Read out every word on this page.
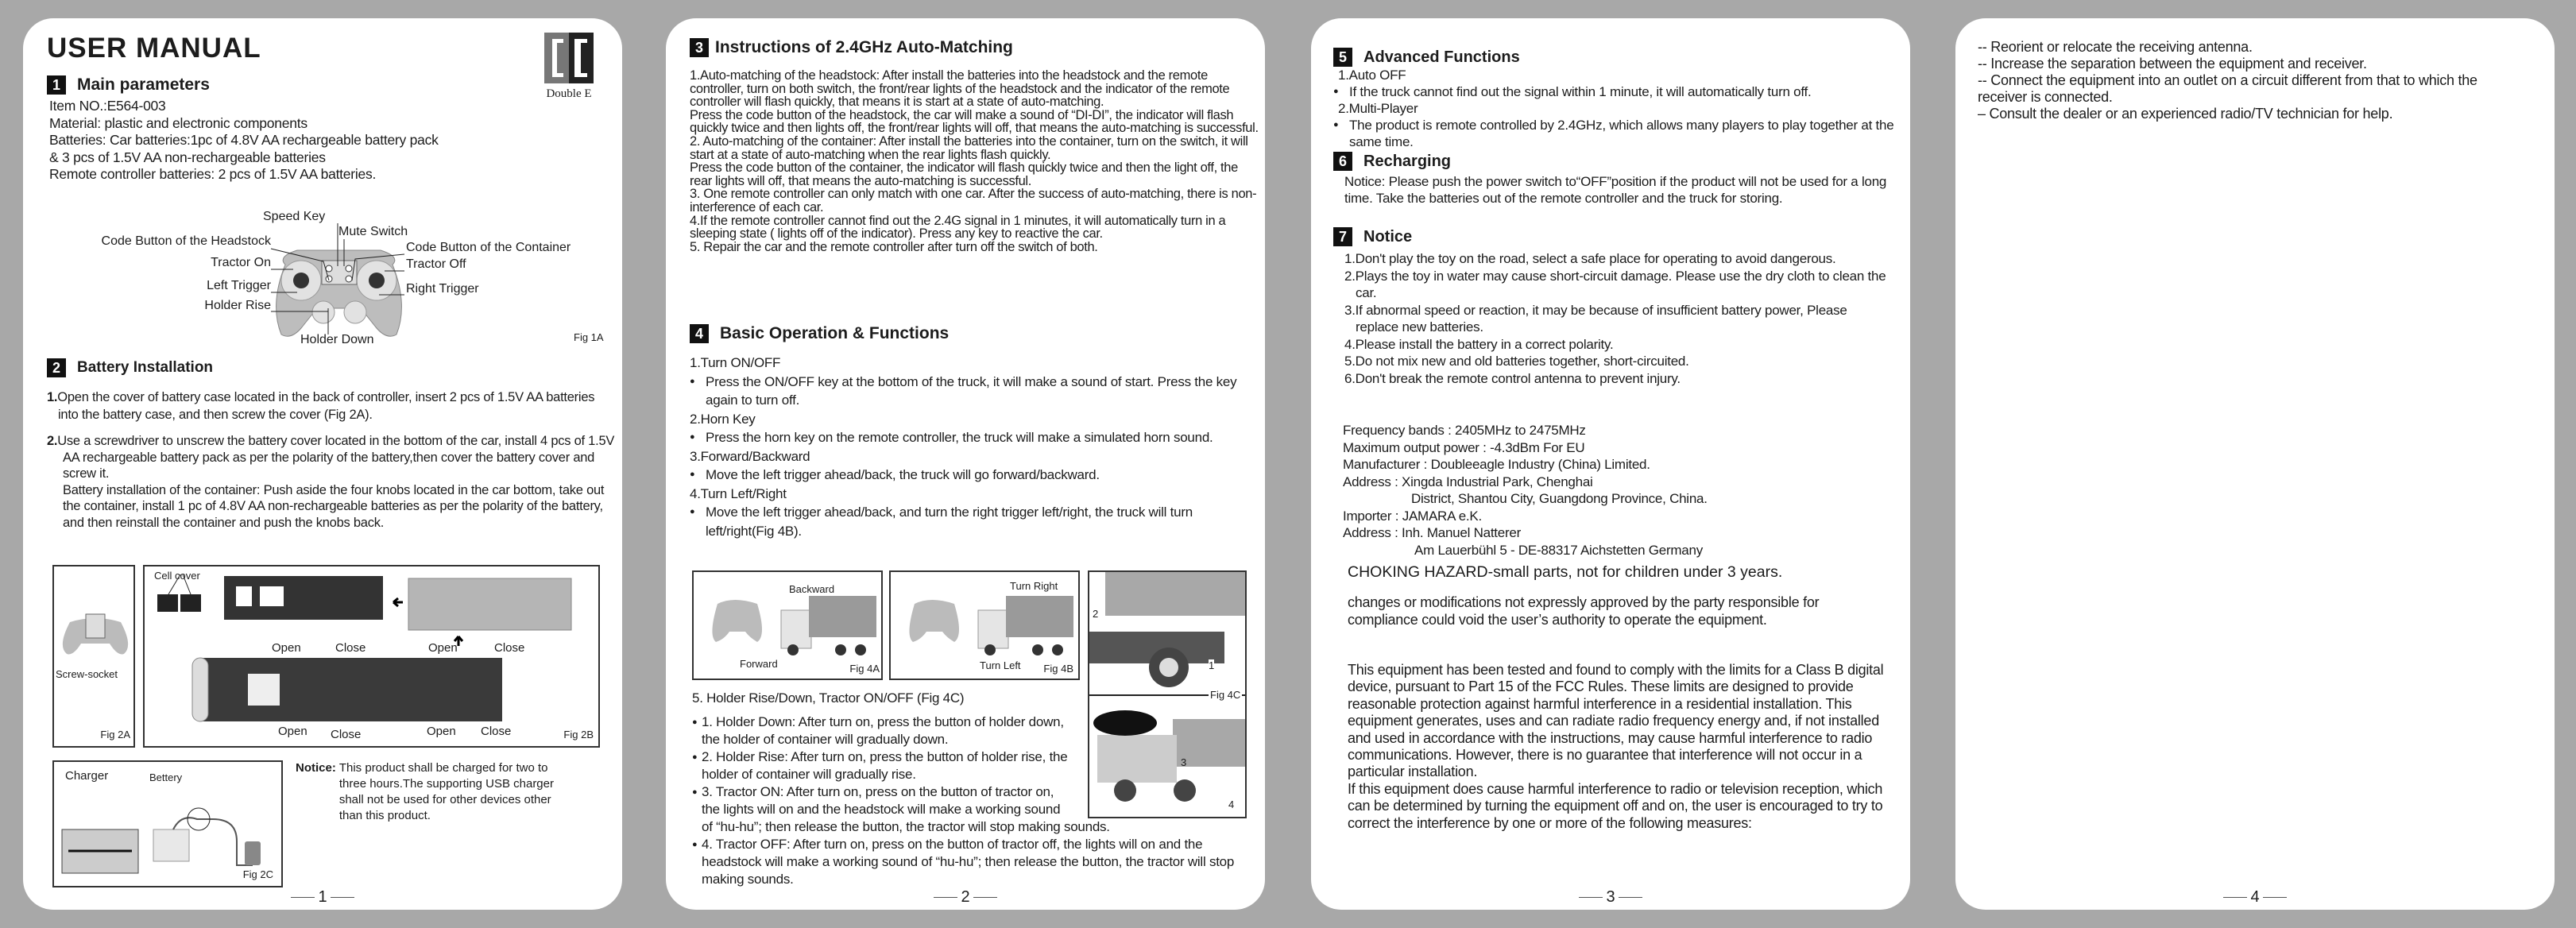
USER MANUAL
Double E
1	Main parameters
Item NO.:E564-003
Material: plastic and electronic components
Batteries: Car batteries:1pc of 4.8V AA rechargeable battery pack
& 3 pcs of 1.5V AA non-rechargeable batteries
Remote controller batteries: 2 pcs of 1.5V AA batteries.
Speed Key
Mute Switch
Code Button of the Headstock	Code Button of the Container
Tractor On	Tractor Off
Left Trigger	Right Trigger
Holder Rise
Holder Down	Fig 1A
2	Battery Installation

1.Open the cover of battery case located in the back of controller, insert 2 pcs of 1.5V AA batteries into the battery case, and then screw the cover (Fig 2A).

2.Use a screwdriver to unscrew the battery cover located in the bottom of the car, install 4 pcs of 1.5V AA rechargeable battery pack as per the polarity of the battery,then cover the battery cover and screw it.

Battery installation of the container: Push aside the four knobs located in the car bottom, take out the container, install 1 pc of 4.8V AA non-rechargeable batteries as per the polarity of the battery, and then reinstall the container and push the knobs back.

Screw-socket
Fig 2A
Cell cover
Open	Close	Open	Close
Open Close	Open Close	Fig 2B
Charger	Bettery
Fig 2C
Notice: This product shall be charged for two to three hours.The supporting USB charger shall not be used for other devices other than this product.
1
3 Instructions of 2.4GHz Auto-Matching

1.Auto-matching of the headstock: After install the batteries into the headstock and the remote controller, turn on both switch, the front/rear lights of the headstock and the indicator of the remote controller will flash quickly, that means it is start at a state of auto-matching.

Press the code button of the headstock, the car will make a sound of “DI-DI”, the indicator will flash quickly twice and then lights off, the front/rear lights will off, that means the auto-matching is successful.

2. Auto-matching of the container: After install the batteries into the container, turn on the switch, it will start at a state of auto-matching when the rear lights flash quickly.

Press the code button of the container, the indicator will flash quickly twice and then the light off, the rear lights will off, that means the auto-matching is successful.

3. One remote controller can only match with one car. After the success of auto-matching, there is non-interference of each car.

4.If the remote controller cannot find out the 2.4G signal in 1 minutes, it will automatically turn in a sleeping state ( lights off of the indicator). Press any key to reactive the car.

5. Repair the car and the remote controller after turn off the switch of both.

4	Basic Operation & Functions
1.Turn ON/OFF
● Press the ON/OFF key at the bottom of the truck, it will make a sound of start. Press the key again to turn off.
2.Horn Key
● Press the horn key on the remote controller, the truck will make a simulated horn sound.
3.Forward/Backward
● Move the left trigger ahead/back, the truck will go forward/backward.
4.Turn Left/Right
● Move the left trigger ahead/back, and turn the right trigger left/right, the truck will turn left/right(Fig 4B).
Backward
Forward	Fig 4A
Turn Right
Turn Left Fig 4B
2
1
Fig 4C
3
4
5. Holder Rise/Down, Tractor ON/OFF (Fig 4C)
● 1. Holder Down: After turn on, press the button of holder down, the holder of container will gradually down.
● 2. Holder Rise: After turn on, press the button of holder rise, the holder of container will gradually rise.
● 3. Tractor ON: After turn on, press on the button of tractor on, the lights will on and the headstock will make a working sound of “hu-hu”; then release the button, the tractor will stop making sounds.
● 4. Tractor OFF: After turn on, press on the button of tractor off, the lights will on and the headstock will make a working sound of “hu-hu”; then release the button, the tractor will stop making sounds.
2
5	Advanced Functions
1.Auto OFF
● If the truck cannot find out the signal within 1 minute, it will automatically turn off.
2.Multi-Player
● The product is remote controlled by 2.4GHz, which allows many players to play together at the same time.
6	Recharging
Notice: Please push the power switch to“OFF”position if the product will not be used for a long time. Take the batteries out of the remote controller and the truck for storing.
7	Notice
1.Don't play the toy on the road, select a safe place for operating to avoid dangerous.
2.Plays the toy in water may cause short-circuit damage. Please use the dry cloth to clean the car.
3.If abnormal speed or reaction, it may be because of insufficient battery power, Please replace new batteries.
4.Please install the battery in a correct polarity.
5.Do not mix new and old batteries together, short-circuited.
6.Don't break the remote control antenna to prevent injury.
Frequency bands : 2405MHz to 2475MHz
Maximum output power : -4.3dBm For EU
Manufacturer : Doubleeagle Industry (China) Limited.
Address : Xingda Industrial Park, Chenghai
District, Shantou City, Guangdong Province, China.
Importer : JAMARA e.K.
Address : Inh. Manuel Natterer
Am Lauerbühl 5 - DE-88317 Aichstetten Germany
CHOKING HAZARD-small parts, not for children under 3 years.
changes or modifications not expressly approved by the party responsible for compliance could void the user’s authority to operate the equipment.

This equipment has been tested and found to comply with the limits for a Class B digital device, pursuant to Part 15 of the FCC Rules. These limits are designed to provide reasonable protection against harmful interference in a residential installation. This equipment generates, uses and can radiate radio frequency energy and, if not installed and used in accordance with the instructions, may cause harmful interference to radio communications. However, there is no guarantee that interference will not occur in a particular installation.

If this equipment does cause harmful interference to radio or television reception, which can be determined by turning the equipment off and on, the user is encouraged to try to correct the interference by one or more of the following measures:

3
-- Reorient or relocate the receiving antenna.
-- Increase the separation between the equipment and receiver.
-- Connect the equipment into an outlet on a circuit different from that to which the receiver is connected.
– Consult the dealer or an experienced radio/TV technician for help.
4
